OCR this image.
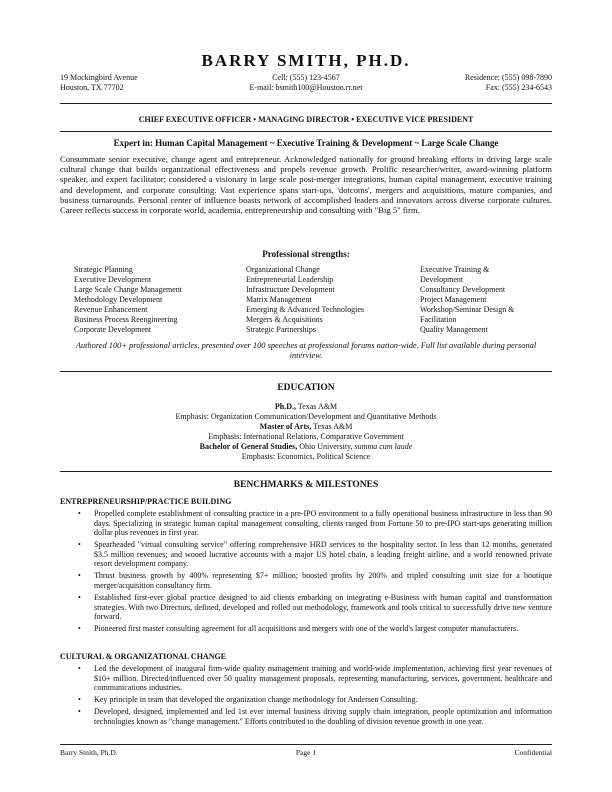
BARRY SMITH, PH.D.
19 Mockingbird Avenue
Houston, TX 77702
Cell: (555) 123-4567
E-mail: bsmith100@Houston.rr.net
Residence: (555) 098-7890
Fax: (555) 234-6543
CHIEF EXECUTIVE OFFICER • MANAGING DIRECTOR • EXECUTIVE VICE PRESIDENT
Expert in: Human Capital Management ~ Executive Training & Development ~ Large Scale Change
Consummate senior executive, change agent and entrepreneur. Acknowledged nationally for ground breaking efforts in driving large scale cultural change that builds organizational effectiveness and propels revenue growth. Prolific researcher/writer, award-winning platform speaker, and expert facilitator; considered a visionary in large scale post-merger integrations, human capital management, executive training and development, and corporate consulting. Vast experience spans start-ups, 'dotcoms', mergers and acquisitions, mature companies, and business turnarounds. Personal center of influence boasts network of accomplished leaders and innovators across diverse corporate cultures. Career reflects success in corporate world, academia, entrepreneurship and consulting with "Big 5" firm.
Professional strengths:
Strategic Planning
Executive Development
Large Scale Change Management
Methodology Development
Revenue Enhancement
Business Process Reengineering
Corporate Development
Organizational Change
Entrepreneurial Leadership
Infrastructure Development
Matrix Management
Emerging & Advanced Technologies
Mergers & Acquisitions
Strategic Partnerships
Executive Training &
Development
Consultancy Development
Project Management
Workshop/Seminar Design &
Facilitation
Quality Management
Authored 100+ professional articles, presented over 100 speeches at professional forums nation-wide. Full list available during personal interview.
EDUCATION
Ph.D., Texas A&M
Emphasis: Organization Communication/Development and Quantitative Methods
Master of Arts, Texas A&M
Emphasis: International Relations, Comparative Government
Bachelor of General Studies, Ohio University, summa cum laude
Emphasis: Economics, Political Science
BENCHMARKS & MILESTONES
ENTREPRENEURSHIP/PRACTICE BUILDING
• Propelled complete establishment of consulting practice in a pre-IPO environment to a fully operational business infrastructure in less than 90 days. Specializing in strategic human capital management consulting, clients ranged from Fortune 50 to pre-IPO start-ups generating million dollar plus revenues in first year.
• Spearheaded "virtual consulting service" offering comprehensive HRD services to the hospitality sector. In less than 12 months, generated $3.5 million revenues; and wooed lucrative accounts with a major US hotel chain, a leading freight airline, and a world renowned private resort development company.
• Thrust business growth by 400% representing $7+ million; boosted profits by 200% and tripled consulting unit size for a boutique merger/acquisition consultancy firm.
• Established first-ever global practice designed to aid clients embarking on integrating e-Business with human capital and transformation strategies. With two Directors, defined, developed and rolled out methodology, framework and tools critical to successfully drive new venture forward.
• Pioneered first master consulting agreement for all acquisitions and mergers with one of the world's largest computer manufacturers.
CULTURAL & ORGANIZATIONAL CHANGE
• Led the development of inaugural firm-wide quality management training and world-wide implementation, achieving first year revenues of $10+ million. Directed/influenced over 50 quality management proposals, representing manufacturing, services, government, healthcare and communications industries.
• Key principle in team that developed the organization change methodology for Andersen Consulting.
• Developed, designed, implemented and led 1st ever internal business driving supply chain integration, people optimization and information technologies known as "change management." Efforts contributed to the doubling of division revenue growth in one year.
Barry Smith, Ph.D.	Page 1	Confidential
